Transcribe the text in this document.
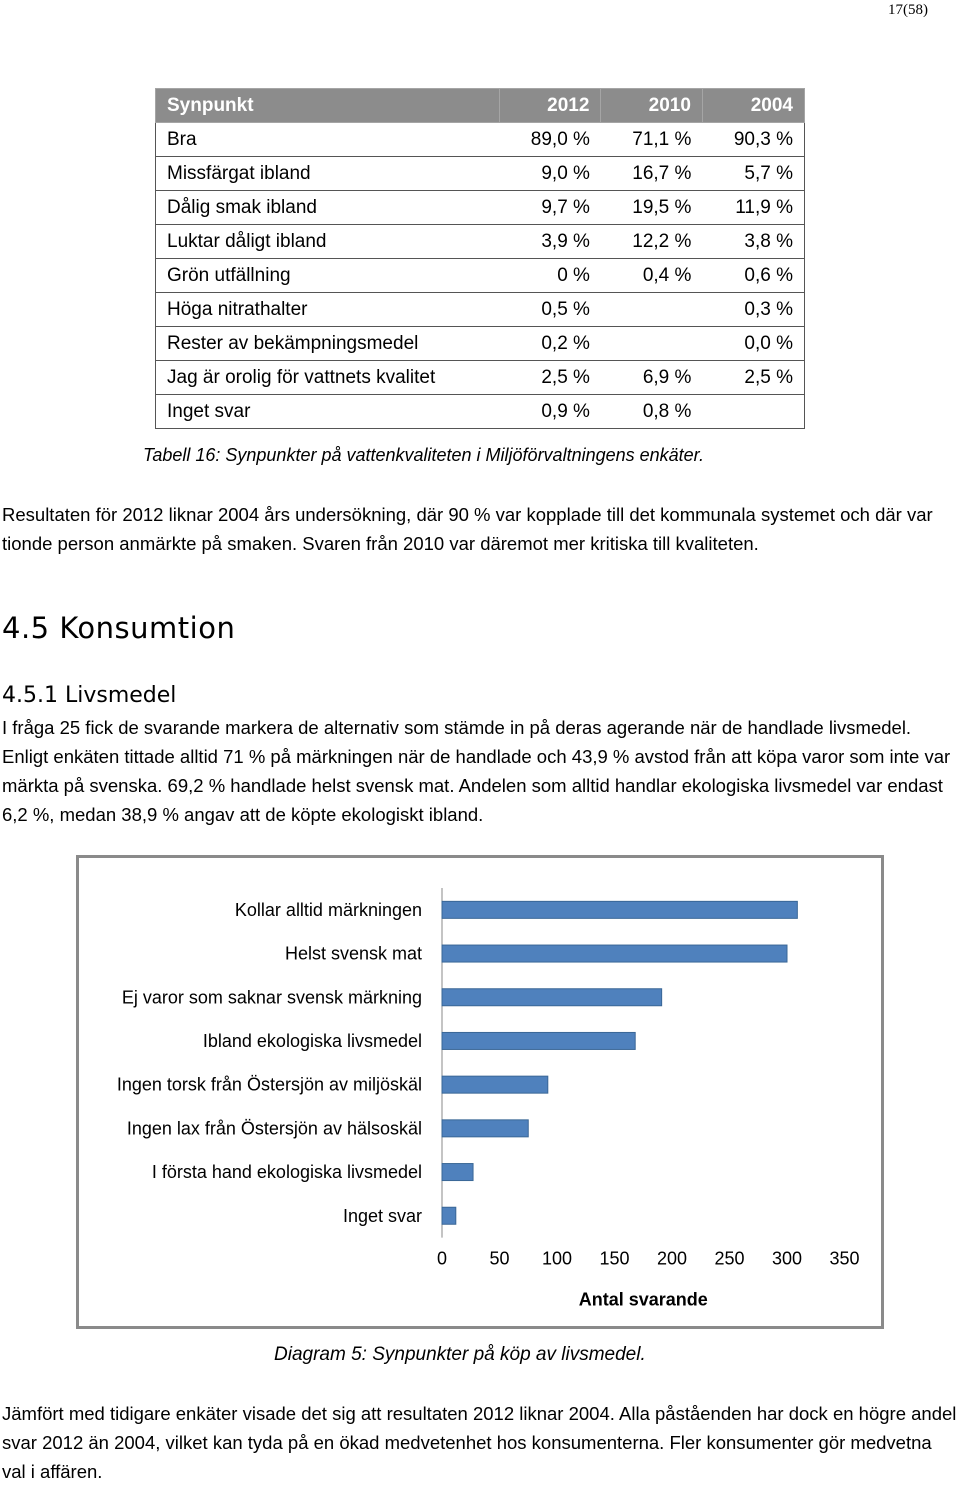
17(58)
Synpunkt	2012	2010	2004
Bra	89,0 %	71,1 %	90,3 %
Missfärgat ibland	9,0 %	16,7 %	5,7 %
Dålig smak ibland	9,7 %	19,5 %	11,9 %
Luktar dåligt ibland	3,9 %	12,2 %	3,8 %
Grön utfällning	0 %	0,4 %	0,6 %
Höga nitrathalter	0,5 %		0,3 %
Rester av bekämpningsmedel	0,2 %		0,0 %
Jag är orolig för vattnets kvalitet	2,5 %	6,9 %	2,5 %
Inget svar	0,9 %	0,8 %	
Tabell 16: Synpunkter på vattenkvaliteten i Miljöförvaltningens enkäter.
Resultaten för 2012 liknar 2004 års undersökning, där 90 % var kopplade till det kommunala systemet och där var tionde person anmärkte på smaken. Svaren från 2010 var däremot mer kritiska till kvaliteten.
4.5 Konsumtion
4.5.1 Livsmedel
I fråga 25 fick de svarande markera de alternativ som stämde in på deras agerande när de handlade livsmedel. Enligt enkäten tittade alltid 71 % på märkningen när de handlade och 43,9 % avstod från att köpa varor som inte var märkta på svenska. 69,2 % handlade helst svensk mat. Andelen som alltid handlar ekologiska livsmedel var endast 6,2 %, medan 38,9 % angav att de köpte ekologiskt ibland.
Kollar alltid märkningen
Helst svensk mat
Ej varor som saknar svensk märkning
Ibland ekologiska livsmedel
Ingen torsk från Östersjön av miljöskäl
Ingen lax från Östersjön av hälsoskäl
I första hand ekologiska livsmedel
Inget svar
0 50 100 150 200 250 300 350
Antal svarande
Diagram 5: Synpunkter på köp av livsmedel.
Jämfört med tidigare enkäter visade det sig att resultaten 2012 liknar 2004. Alla påståenden har dock en högre andel svar 2012 än 2004, vilket kan tyda på en ökad medvetenhet hos konsumenterna. Fler konsumenter gör medvetna val i affären.
